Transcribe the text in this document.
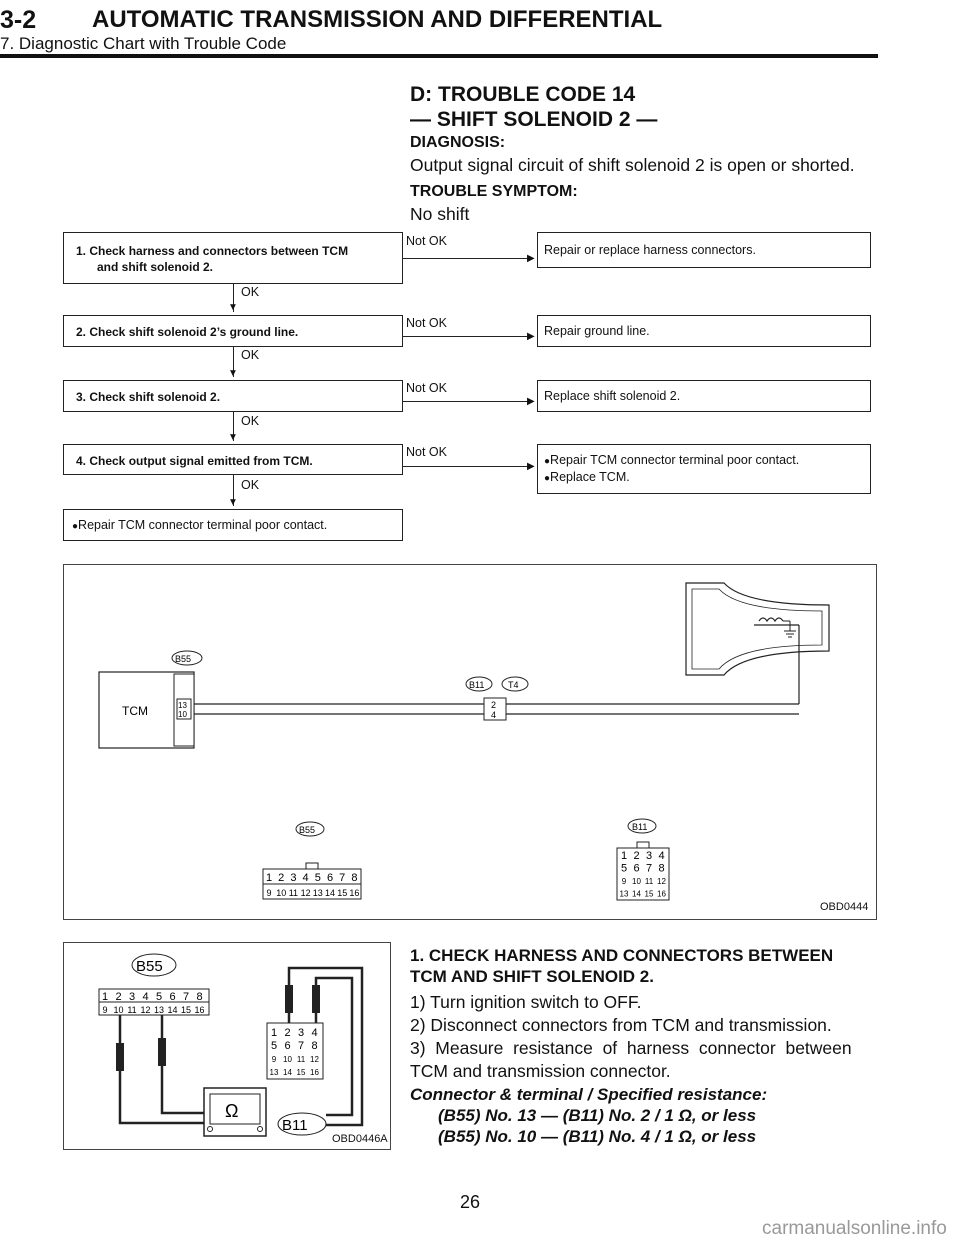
3-2 AUTOMATIC TRANSMISSION AND DIFFERENTIAL
7. Diagnostic Chart with Trouble Code
D: TROUBLE CODE 14
— SHIFT SOLENOID 2 —
DIAGNOSIS:
Output signal circuit of shift solenoid 2 is open or shorted.
TROUBLE SYMPTOM:
No shift
1. Check harness and connectors between TCM
and shift solenoid 2.
Not OK
▶
Repair or replace harness connectors.
▼
OK
2. Check shift solenoid 2’s ground line.
Not OK
▶ Repair ground line.
▼
OK
3. Check shift solenoid 2.
Not OK
▶ Replace shift solenoid 2.
▼
OK
4. Check output signal emitted from TCM.
Not OK
▶ ●Repair TCM connector terminal poor contact.
●Replace TCM.
▼
OK
●Repair TCM connector terminal poor contact.
TCM	13
10
B55
2
4
B11	T4
B55
1 2 3 4 5 6 7 8
9 10 11 12 13 14 15 16
B11
1 2 3 4
5 6 7 8
9 10 11 12
13 14 15 16
OBD0444
B55
1 2 3 4 5 6 7 8
9 10 11 12 13 14 15 16
1 2 3 4
5 6 7 8
9 10 11 12
13 14 15 16
Ω
B11
OBD0446A
1. CHECK HARNESS AND CONNECTORS BETWEEN
TCM AND SHIFT SOLENOID 2.
1) Turn ignition switch to OFF.
2) Disconnect connectors from TCM and transmission.
3)  Measure  resistance  of  harness  connector  between
TCM and transmission connector.
Connector & terminal / Specified resistance:
(B55) No. 13 — (B11) No. 2 / 1 Ω, or less
(B55) No. 10 — (B11) No. 4 / 1 Ω, or less
26
carmanualsonline.info
